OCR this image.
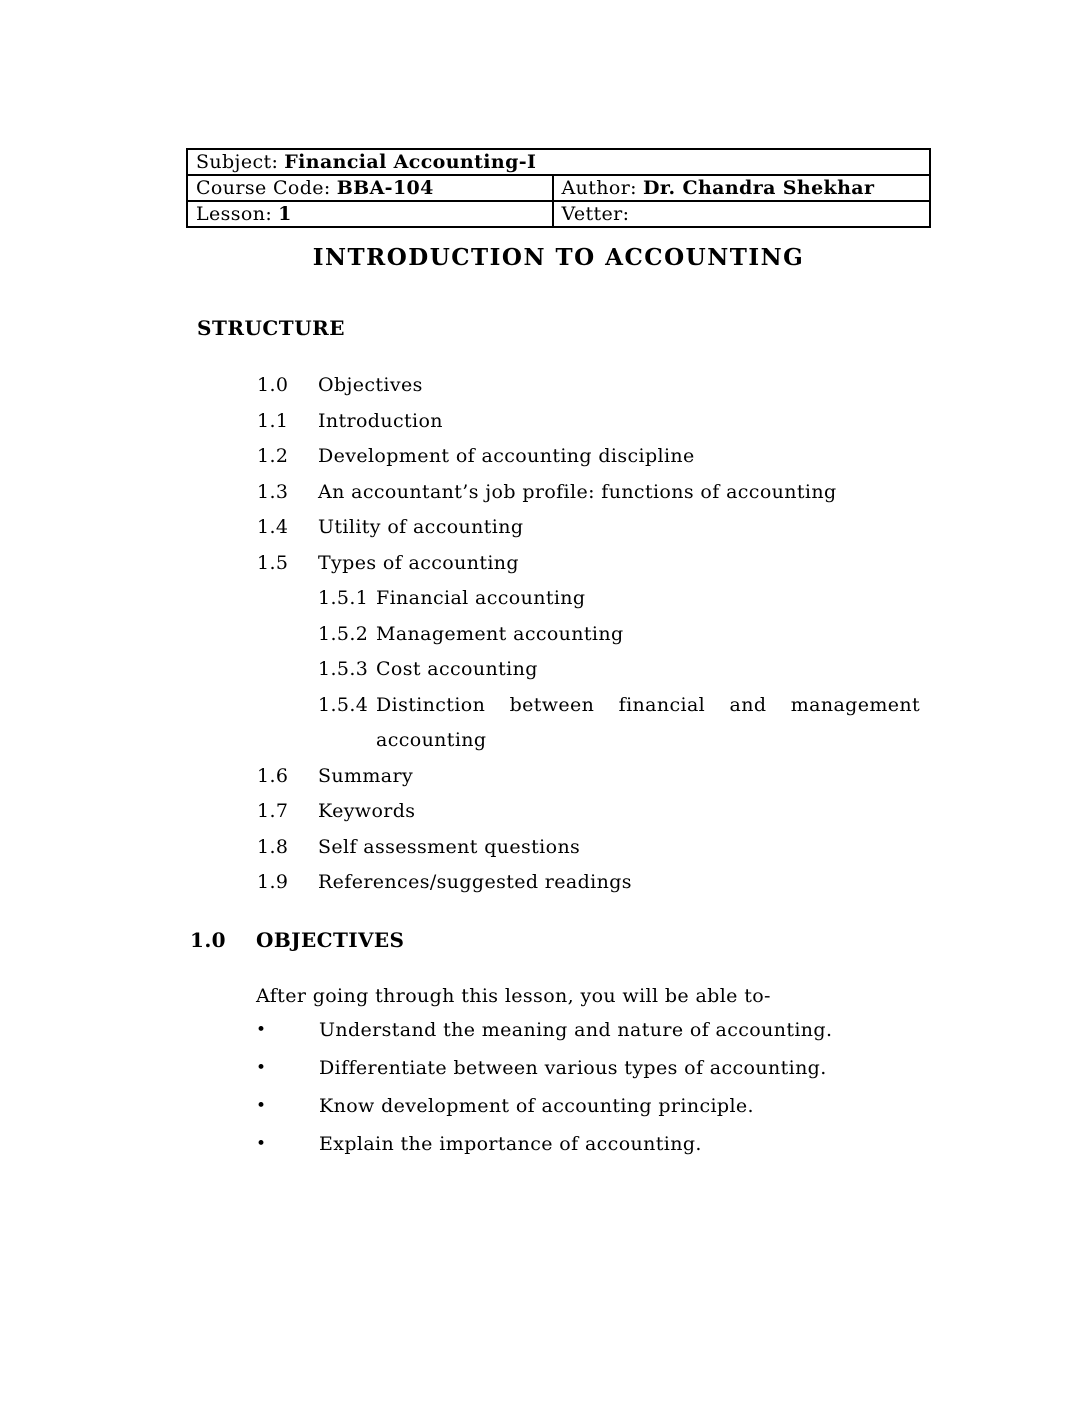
Subject: Financial Accounting-I	
Course Code: BBA-104	Author: Dr. Chandra Shekhar
Lesson: 1	Vetter:
INTRODUCTION TO ACCOUNTING
STRUCTURE
1.0	Objectives
1.1	Introduction
1.2	Development of accounting discipline
1.3	An accountant’s job profile: functions of accounting
1.4	Utility of accounting
1.5	Types of accounting
1.5.1 Financial accounting
1.5.2 Management accounting
1.5.3 Cost accounting
1.5.4 Distinction between financial and management
accounting
1.6	Summary
1.7	Keywords
1.8	Self assessment questions
1.9	References/suggested readings
1.0	OBJECTIVES
After going through this lesson, you will be able to-
•	Understand the meaning and nature of accounting.
•	Differentiate between various types of accounting.
•	Know development of accounting principle.
•	Explain the importance of accounting.
